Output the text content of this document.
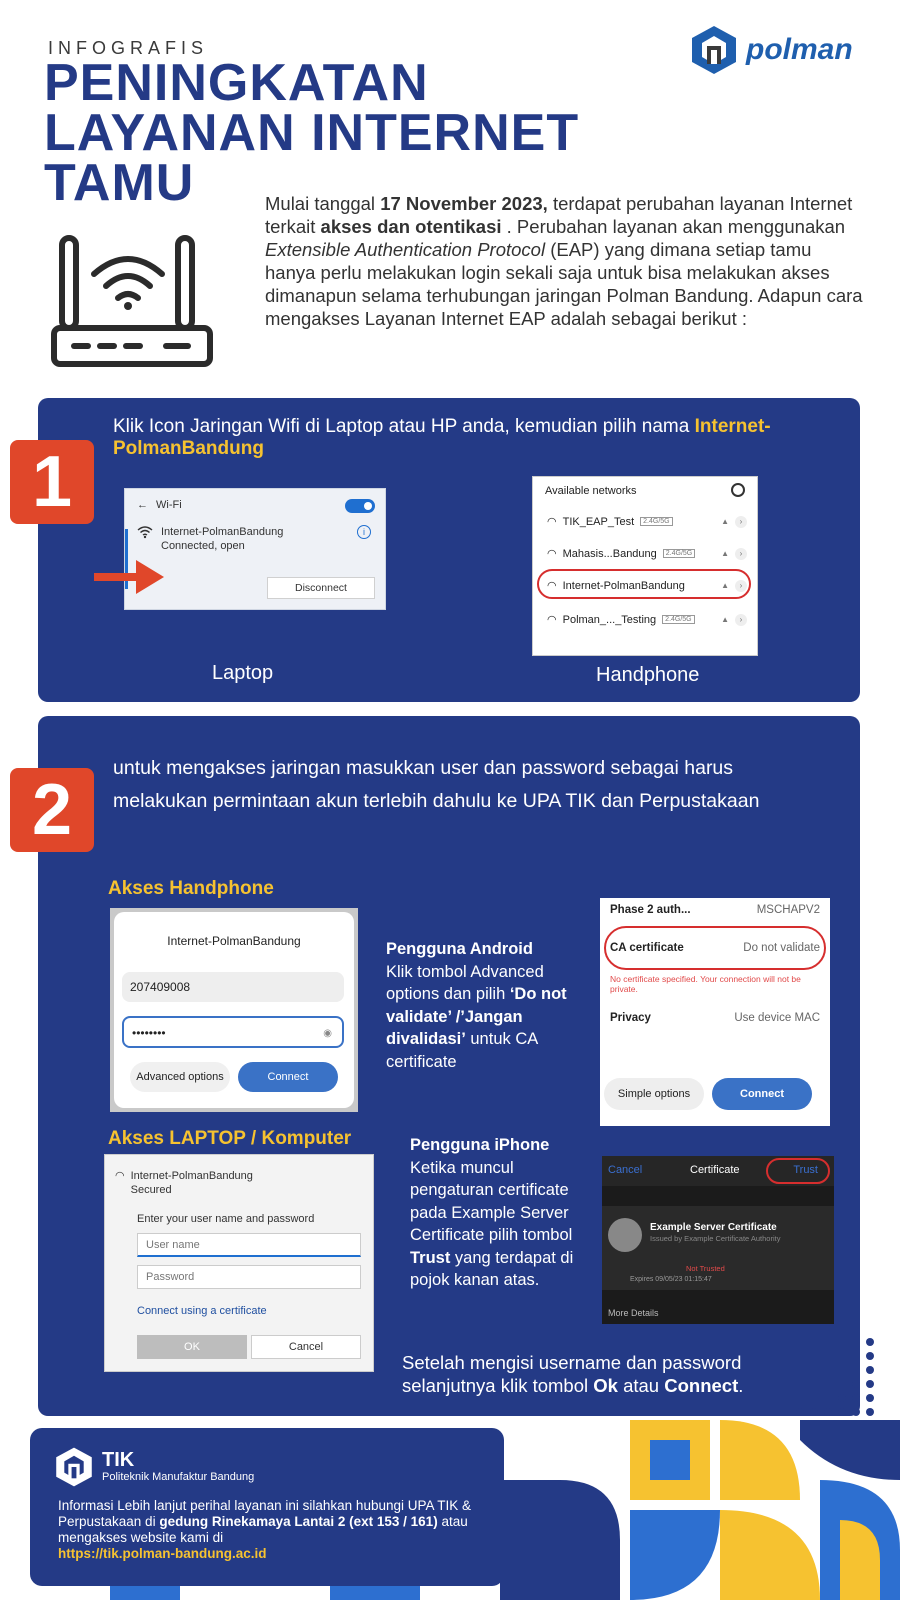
INFOGRAFIS
PENINGKATAN
LAYANAN INTERNET
TAMU
polman
Mulai tanggal 17 November 2023, terdapat perubahan layanan Internet terkait akses dan otentikasi . Perubahan layanan akan menggunakan Extensible Authentication Protocol (EAP) yang dimana setiap tamu hanya perlu melakukan login sekali saja untuk bisa melakukan akses dimanapun selama terhubungan jaringan Polman Bandung. Adapun cara mengakses Layanan Internet EAP adalah sebagai berikut :
1
Klik Icon Jaringan Wifi di Laptop atau HP anda, kemudian pilih nama Internet-PolmanBandung
← Wi-Fi
Internet-PolmanBandung
Connected, open
i
Disconnect
Available networks
◠ TIK_EAP_Test	2.4G/5G	▲	›
◠ Mahasis...Bandung	2.4G/5G	▲	›
◠ Internet-PolmanBandung	▲	›
◠ Polman_..._Testing	2.4G/5G	▲	›
Laptop	Handphone
2
untuk mengakses jaringan masukkan user dan password sebagai harus melakukan permintaan akun terlebih dahulu ke UPA TIK dan Perpustakaan
Akses Handphone
Internet-PolmanBandung
207409008
••••••••	◉
Advanced options	Connect
Pengguna Android
Klik tombol Advanced options dan pilih ‘Do not validate’ /’Jangan divalidasi’ untuk CA certificate
Phase 2 auth...	MSCHAPV2
CA certificate	Do not validate
No certificate specified. Your connection will not be private.
Privacy	Use device MAC
Simple options	Connect
Akses LAPTOP / Komputer
◠ Internet-PolmanBandung
Secured
Enter your user name and password
User name
Password
Connect using a certificate
OK	Cancel
Pengguna iPhone
Ketika muncul pengaturan certificate pada Example Server Certificate pilih tombol Trust yang terdapat di pojok kanan atas.
Cancel	Certificate	Trust
Example Server Certificate
Issued by Example Certificate Authority
Not Trusted
Expires 09/05/23 01:15:47
More Details
Setelah mengisi username dan password selanjutnya klik tombol Ok atau Connect.
TIK
Politeknik Manufaktur Bandung
Informasi Lebih lanjut perihal layanan ini silahkan hubungi UPA TIK & Perpustakaan di gedung Rinekamaya Lantai 2 (ext 153 / 161) atau mengakses website kami di
https://tik.polman-bandung.ac.id
